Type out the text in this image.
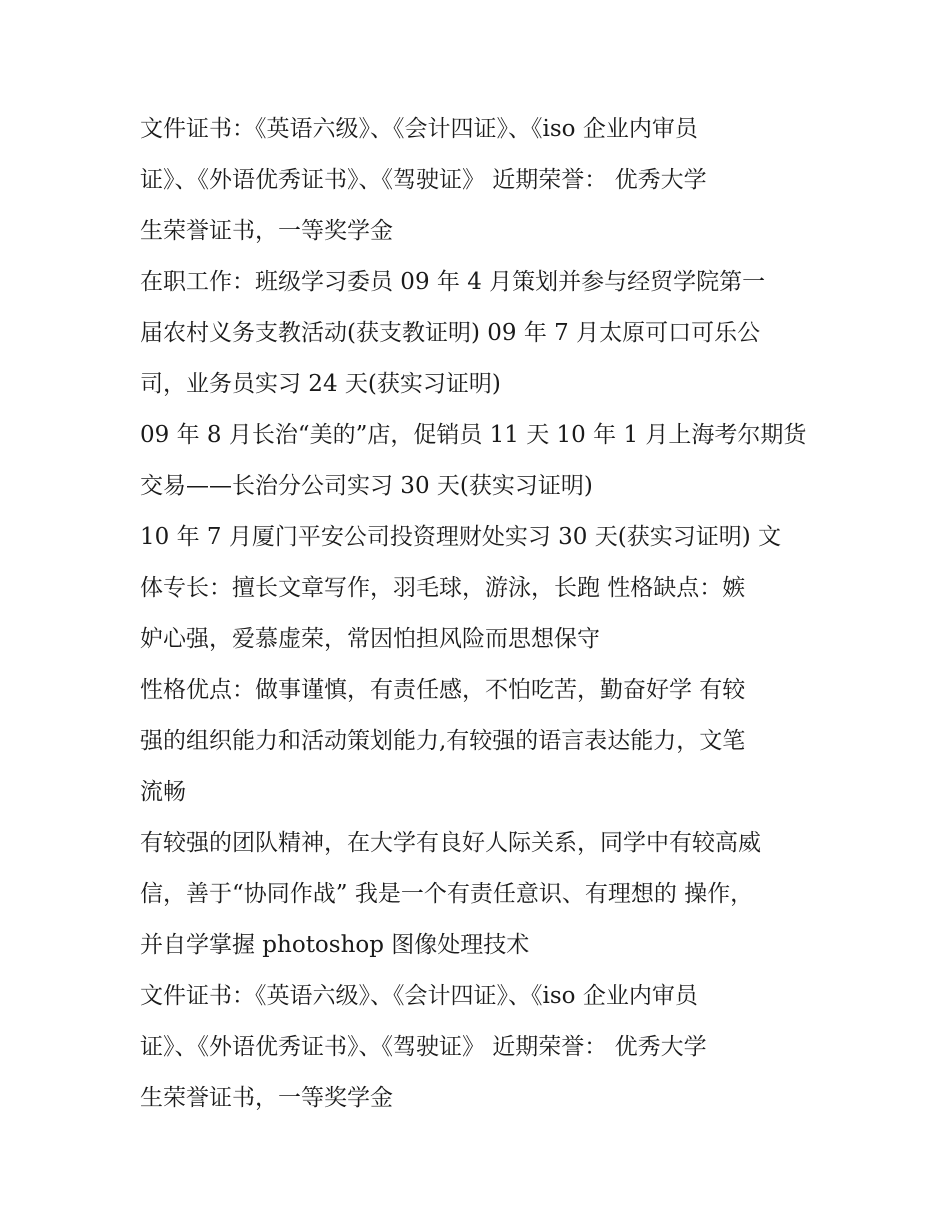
文件证书：《英语六级》、《会计四证》、《iso 企业内审员
证》、《外语优秀证书》、《驾驶证》 近期荣誉： 优秀大学
生荣誉证书，一等奖学金
在职工作：班级学习委员 09 年 4 月策划并参与经贸学院第一
届农村义务支教活动(获支教证明) 09 年 7 月太原可口可乐公
司，业务员实习 24 天(获实习证明)
09 年 8 月长治“美的”店，促销员 11 天 10 年 1 月上海考尔期货
交易——长治分公司实习 30 天(获实习证明)
10 年 7 月厦门平安公司投资理财处实习 30 天(获实习证明) 文
体专长：擅长文章写作，羽毛球，游泳，长跑 性格缺点：嫉
妒心强，爱慕虚荣，常因怕担风险而思想保守
性格优点：做事谨慎，有责任感，不怕吃苦，勤奋好学 有较
强的组织能力和活动策划能力,有较强的语言表达能力，文笔
流畅
有较强的团队精神，在大学有良好人际关系，同学中有较高威
信，善于“协同作战” 我是一个有责任意识、有理想的 操作，
并自学掌握 photoshop 图像处理技术
文件证书：《英语六级》、《会计四证》、《iso 企业内审员
证》、《外语优秀证书》、《驾驶证》 近期荣誉： 优秀大学
生荣誉证书，一等奖学金
